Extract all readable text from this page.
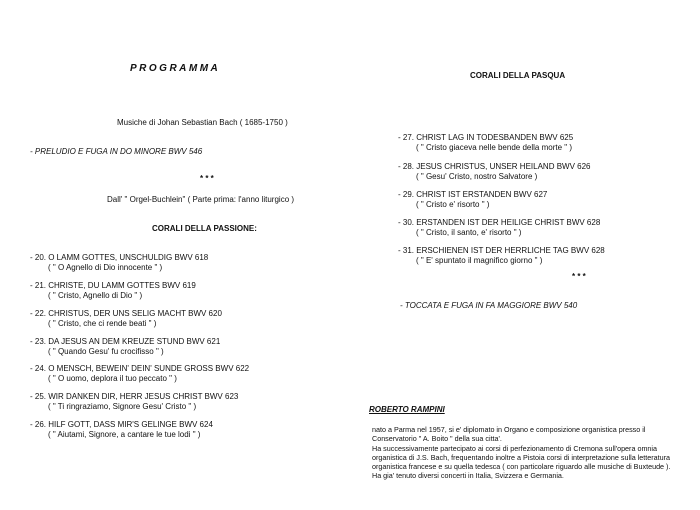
PROGRAMMA
Musiche di Johan Sebastian Bach ( 1685-1750 )
- PRELUDIO E FUGA IN DO MINORE BWV 546
* * *
Dall' " Orgel-Buchlein" ( Parte prima: l'anno liturgico )
CORALI DELLA PASSIONE:
- 20. O LAMM GOTTES, UNSCHULDIG BWV 618
( " O Agnello di Dio innocente " )
- 21. CHRISTE, DU LAMM GOTTES BWV 619
( " Cristo, Agnello di Dio " )
- 22. CHRISTUS, DER UNS SELIG MACHT BWV 620
( " Cristo, che ci rende beati " )
- 23. DA JESUS AN DEM KREUZE STUND BWV 621
( " Quando Gesu' fu crocifisso " )
- 24. O MENSCH, BEWEIN' DEIN' SUNDE GROSS BWV 622
( " O uomo, deplora il tuo peccato " )
- 25. WIR DANKEN DIR, HERR JESUS CHRIST BWV 623
( " Ti ringraziamo, Signore Gesu' Cristo " )
- 26. HILF GOTT, DASS MIR'S GELINGE BWV 624
( " Aiutami, Signore, a cantare le tue lodi " )
CORALI DELLA PASQUA
- 27. CHRIST LAG IN TODESBANDEN BWV 625
( " Cristo giaceva nelle bende della morte " )
- 28. JESUS CHRISTUS, UNSER HEILAND BWV 626
( " Gesu' Cristo, nostro Salvatore )
- 29. CHRIST IST ERSTANDEN BWV 627
( " Cristo e' risorto " )
- 30. ERSTANDEN IST DER HEILIGE CHRIST BWV 628
( " Cristo, il santo, e' risorto " )
- 31. ERSCHIENEN IST DER HERRLICHE TAG BWV 628
( " E' spuntato il magnifico giorno " )
* * *
- TOCCATA E FUGA IN FA MAGGIORE BWV 540
ROBERTO RAMPINI
nato a Parma nel 1957, si e' diplomato in Organo e composizione organistica presso il
Conservatorio " A. Boito " della sua citta'.
Ha successivamente partecipato ai corsi di perfezionamento di Cremona sull'opera omnia
organistica di J.S. Bach, frequentando inoltre a Pistoia corsi di interpretazione sulla letteratura
organistica francese e su quella tedesca ( con particolare riguardo alle musiche di Buxteude ).
Ha gia' tenuto diversi concerti in Italia, Svizzera e Germania.
